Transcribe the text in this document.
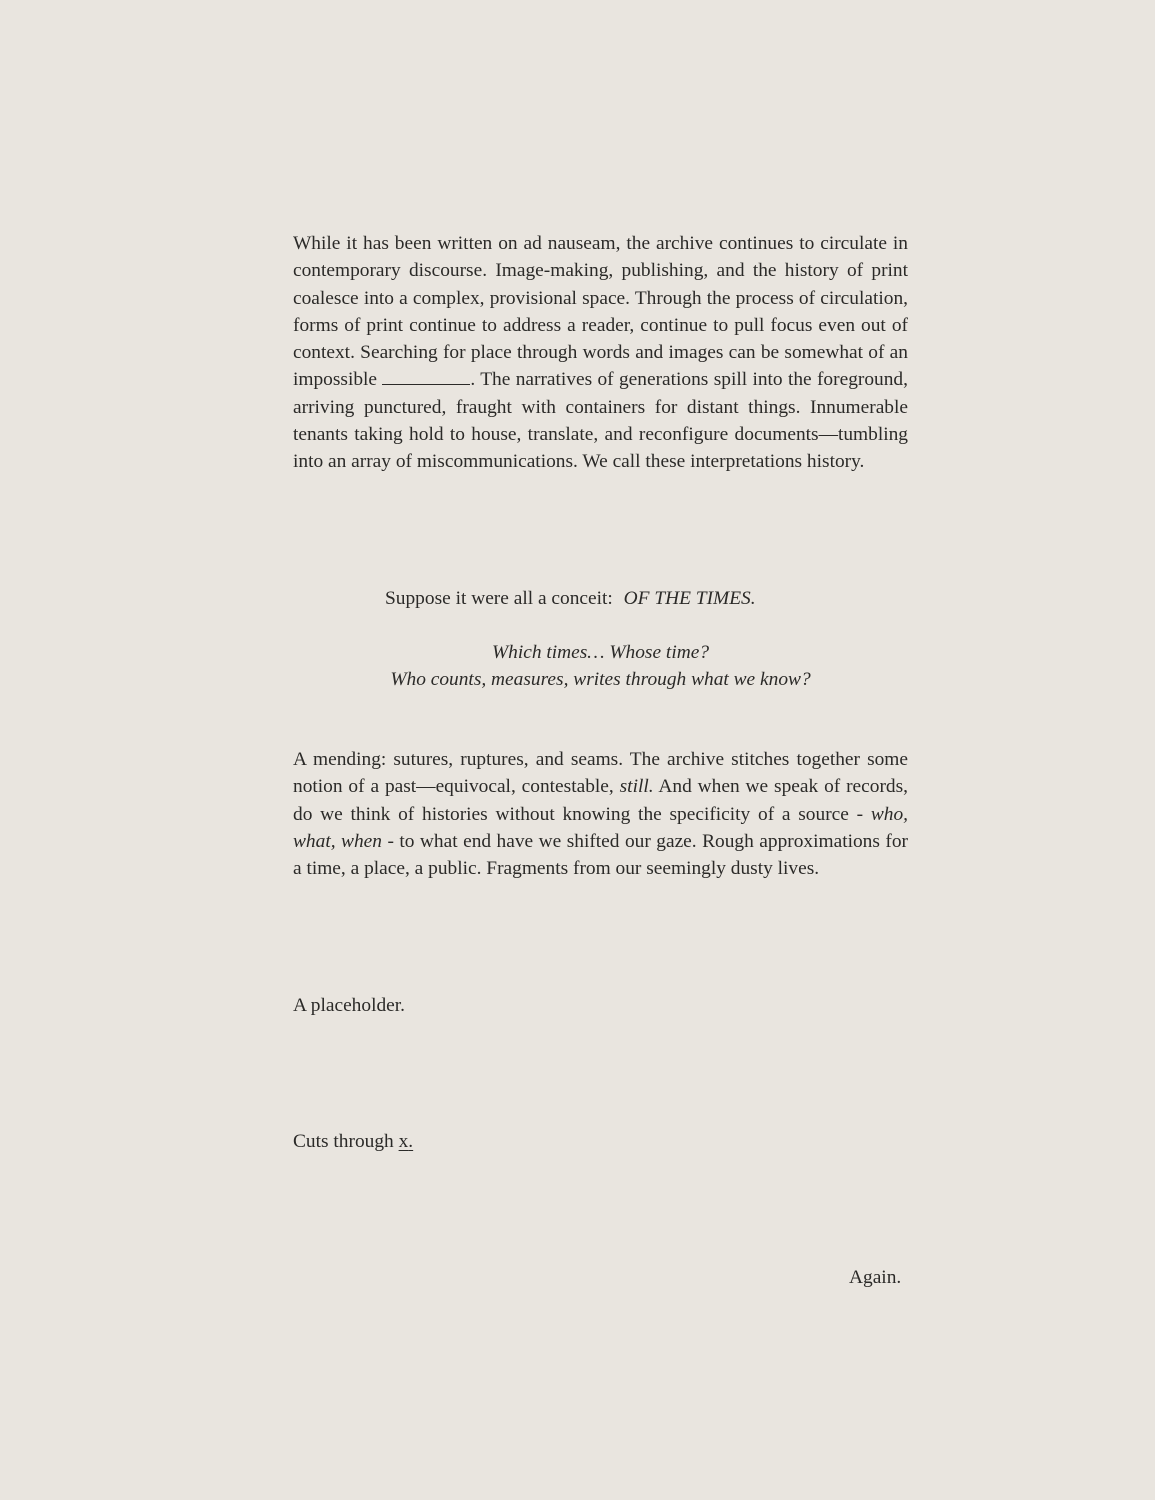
While it has been written on ad nauseam, the archive continues to circulate in contemporary discourse. Image-making, publishing, and the history of print coalesce into a complex, provisional space. Through the process of circulation, forms of print continue to address a reader, continue to pull focus even out of context. Searching for place through words and images can be somewhat of an impossible	. The narratives of generations spill into the foreground, arriving punctured, fraught with containers for distant things. Innumerable tenants taking hold to house, translate, and reconfigure documents—tumbling into an array of miscommunications. We call these interpretations history.
Suppose it were all a conceit: OF THE TIMES.
Which times… Whose time?
Who counts, measures, writes through what we know?
A mending: sutures, ruptures, and seams. The archive stitches together some notion of a past—equivocal, contestable, still. And when we speak of records, do we think of histories without knowing the specificity of a source - who, what, when - to what end have we shifted our gaze. Rough approximations for a time, a place, a public. Fragments from our seemingly dusty lives.
A placeholder.
Cuts through x.
Again.
